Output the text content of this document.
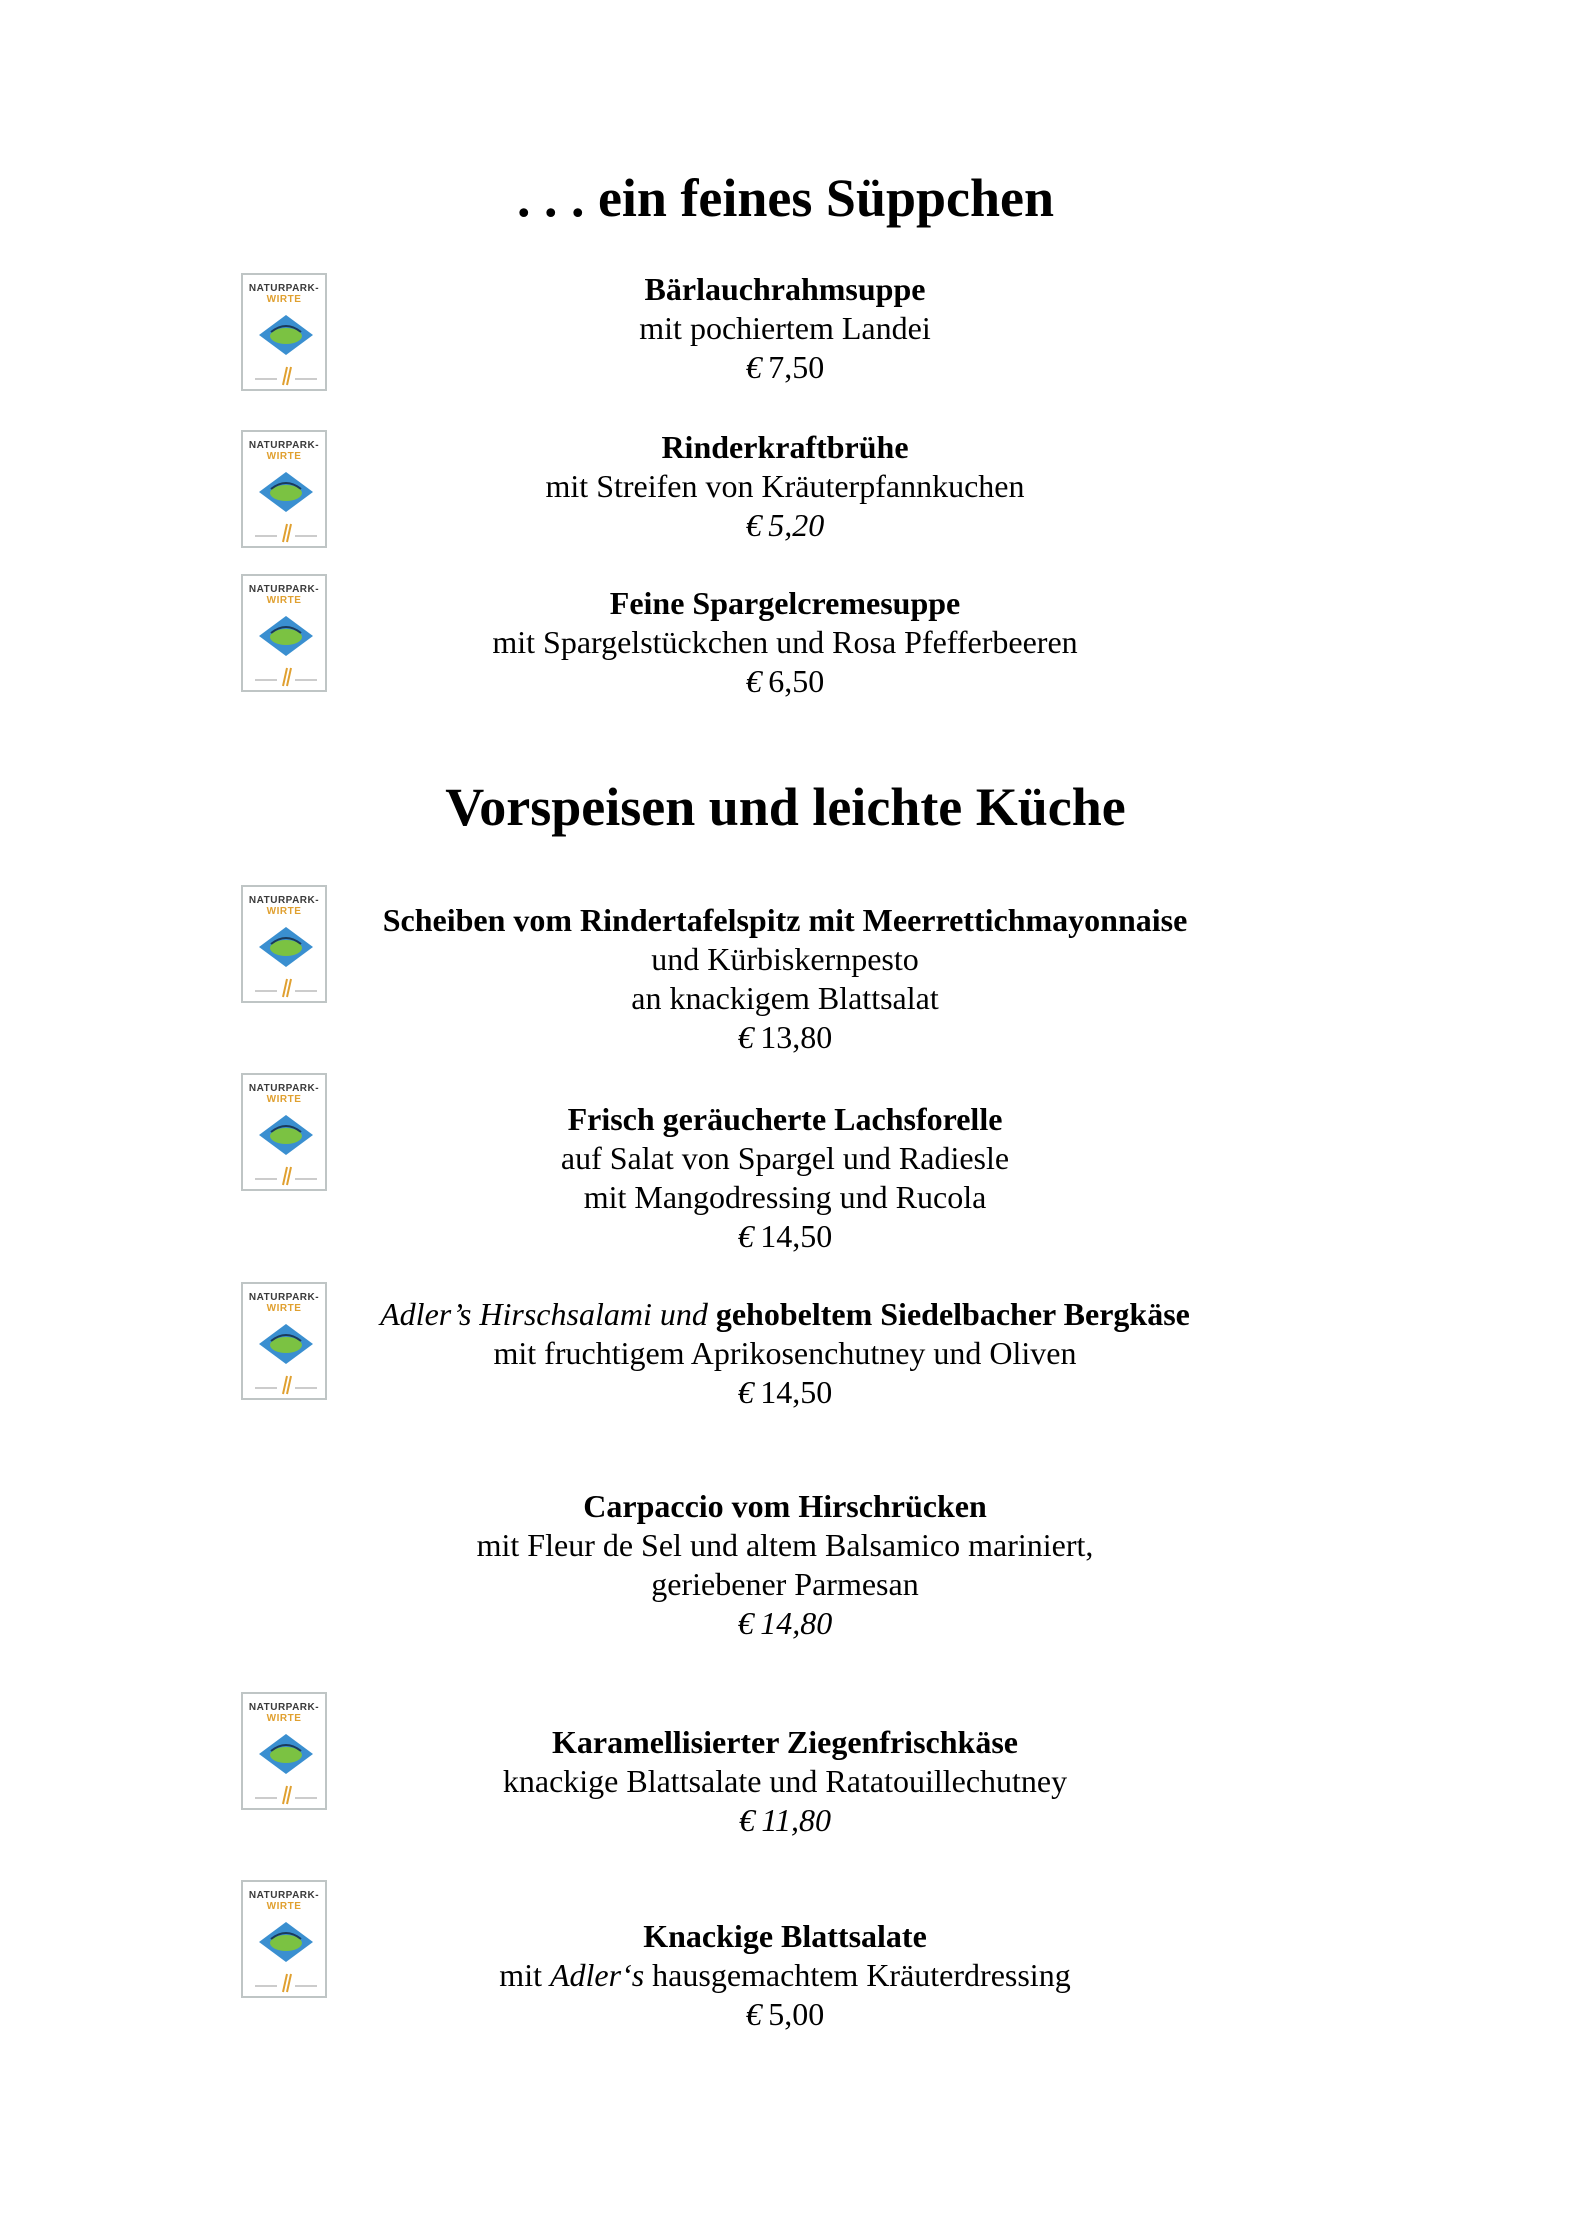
. . . ein feines Süppchen
NATURPARK-
WIRTE	Bärlauchrahmsuppe
mit pochiertem Landei
€  7,50
NATURPARK-
WIRTE	Rinderkraftbrühe
mit Streifen von Kräuterpfannkuchen
€  5,20
NATURPARK-
WIRTE	Feine Spargelcremesuppe
mit Spargelstückchen und Rosa Pfefferbeeren
€  6,50
Vorspeisen und leichte Küche
NATURPARK-
WIRTE	Scheiben vom Rindertafelspitz mit Meerrettichmayonnaise
und Kürbiskernpesto
an knackigem Blattsalat
€  13,80
NATURPARK-
WIRTE
Frisch geräucherte Lachsforelle
auf Salat von Spargel und Radiesle
mit Mangodressing und Rucola
€  14,50
NATURPARK-
WIRTE	Adler’s Hirschsalami und gehobeltem Siedelbacher Bergkäse
mit fruchtigem Aprikosenchutney und Oliven
€  14,50
Carpaccio vom Hirschrücken
mit Fleur de Sel und altem Balsamico mariniert,
geriebener Parmesan
€  14,80
NATURPARK-
WIRTE
Karamellisierter Ziegenfrischkäse
knackige Blattsalate und Ratatouillechutney
€  11,80
NATURPARK-
WIRTE
Knackige Blattsalate
mit Adler‘s hausgemachtem Kräuterdressing
€  5,00
